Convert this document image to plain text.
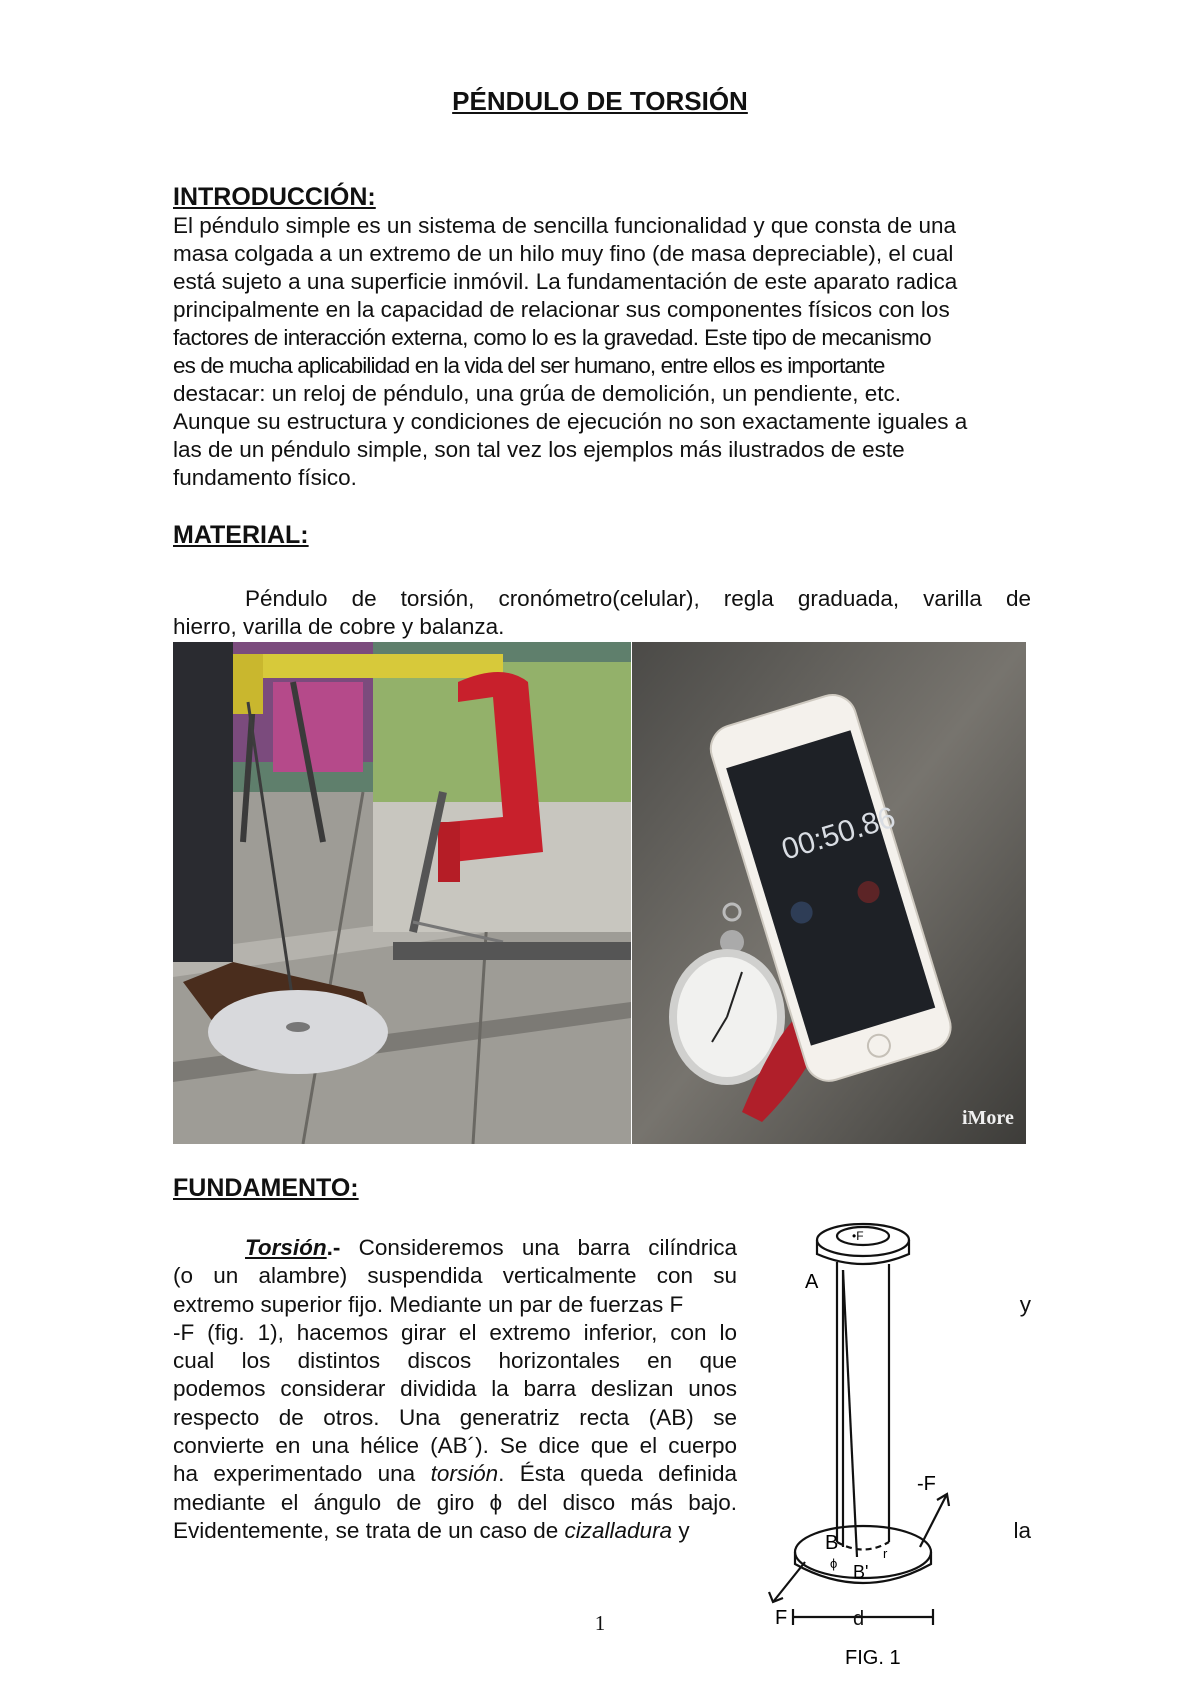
PÉNDULO DE TORSIÓN
INTRODUCCIÓN:
El péndulo simple es un sistema de sencilla funcionalidad y que consta de una
masa colgada a un extremo de un hilo muy fino (de masa depreciable), el cual
está sujeto a una superficie inmóvil. La fundamentación de este aparato radica
principalmente en la capacidad de relacionar sus componentes físicos con los
factores de interacción externa, como lo es la gravedad. Este tipo de mecanismo
es de mucha aplicabilidad en la vida del ser humano, entre ellos es importante
destacar: un reloj de péndulo, una grúa de demolición, un pendiente, etc.
Aunque su estructura y condiciones de ejecución no son exactamente iguales a
las de un péndulo simple, son tal vez los ejemplos más ilustrados de este
fundamento físico.
MATERIAL:
Péndulo de torsión, cronómetro(celular), regla graduada, varilla de
hierro, varilla de cobre y balanza.
00:50.86
iMore
FUNDAMENTO:
Torsión.- Consideremos una barra cilíndrica
(o un alambre) suspendida verticalmente con su
extremo superior fijo. Mediante un par de fuerzas F	y
-F (fig. 1), hacemos girar el extremo inferior, con lo
cual los distintos discos horizontales en que
podemos considerar dividida la barra deslizan unos
respecto de otros. Una generatriz recta (AB) se
convierte en una hélice (AB´). Se dice que el cuerpo
ha experimentado una torsión. Ésta queda definida
mediante el ángulo de giro ϕ del disco más bajo.
Evidentemente, se trata de un caso de cizalladura y	la
A
•F
B
B'
ϕ
r
-F
F	d
FIG. 1
1
